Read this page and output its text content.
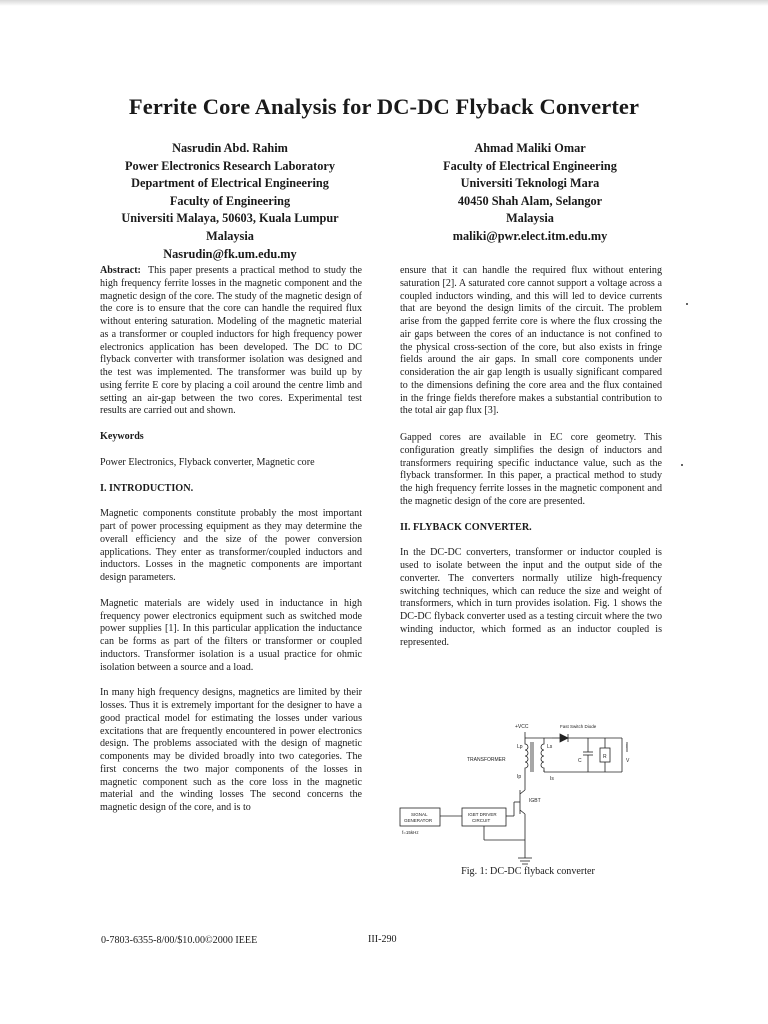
Ferrite Core Analysis for DC-DC Flyback Converter
Nasrudin Abd. Rahim
Power Electronics Research Laboratory
Department of Electrical Engineering
Faculty of Engineering
Universiti Malaya, 50603, Kuala Lumpur
Malaysia
Nasrudin@fk.um.edu.my
Ahmad Maliki Omar
Faculty of Electrical Engineering
Universiti Teknologi Mara
40450 Shah Alam, Selangor
Malaysia
maliki@pwr.elect.itm.edu.my

Abstract: This paper presents a practical method to study the high frequency ferrite losses in the magnetic component and the magnetic design of the core. The study of the magnetic design of the core is to ensure that the core can handle the required flux without entering saturation. Modeling of the magnetic material as a transformer or coupled inductors for high frequency power electronics application has been developed. The DC to DC flyback converter with transformer isolation was designed and the test was implemented. The transformer was build up by using ferrite E core by placing a coil around the centre limb and setting an air-gap between the two cores. Experimental test results are carried out and shown.

Keywords

Power Electronics, Flyback converter, Magnetic core

I. INTRODUCTION.

Magnetic components constitute probably the most important part of power processing equipment as they may determine the overall efficiency and the size of the power conversion applications. They enter as transformer/coupled inductors and inductors. Losses in the magnetic components are important design parameters.

Magnetic materials are widely used in inductance in high frequency power electronics equipment such as switched mode power supplies [1]. In this particular application the inductance can be forms as part of the filters or transformer or coupled inductors. Transformer isolation is a usual practice for ohmic isolation between a source and a load.

In many high frequency designs, magnetics are limited by their losses. Thus it is extremely important for the designer to have a good practical model for estimating the losses under various excitations that are frequently encountered in power electronics design. The problems associated with the design of magnetic components may be divided broadly into two categories. The first concerns the two major components of the losses in magnetic component such as the core loss in the magnetic material and the winding losses The second concerns the magnetic design of the core, and is to

ensure that it can handle the required flux without entering saturation [2]. A saturated core cannot support a voltage across a coupled inductors winding, and this will led to device currents that are beyond the design limits of the circuit. The problem arise from the gapped ferrite core is where the flux crossing the air gaps between the cores of an inductance is not confined to the physical cross-section of the core, but also exists in fringe fields around the air gaps. In small core components under consideration the air gap length is usually significant compared to the dimensions defining the core area and the flux contained in the fringe fields therefore makes a substantial contribution to the total air gap flux [3].

Gapped cores are available in EC core geometry. This configuration greatly simplifies the design of inductors and transformers requiring specific inductance value, such as the flyback transformer. In this paper, a practical method to study the high frequency ferrite losses in the magnetic component and the magnetic design of the core are presented.

II. FLYBACK CONVERTER.

In the DC-DC converters, transformer or inductor coupled is used to isolate between the input and the output side of the converter. The converters normally utilize high-frequency switching techniques, which can reduce the size and weight of transformers, which in turn provides isolation. Fig. 1 shows the DC-DC flyback converter used as a testing circuit where the two winding inductor, which formed as an inductor coupled is represented.

+VCC	Fast Switch Diode
TRANSFORMER
Lp	Ls
Is
C
R
I
V
Ip
IGBT
IGBT DRIVER
CIRCUIT
SIGNAL
GENERATOR
f=15kHz
Fig. 1: DC-DC flyback converter
0-7803-6355-8/00/$10.00©2000 IEEE	III-290
